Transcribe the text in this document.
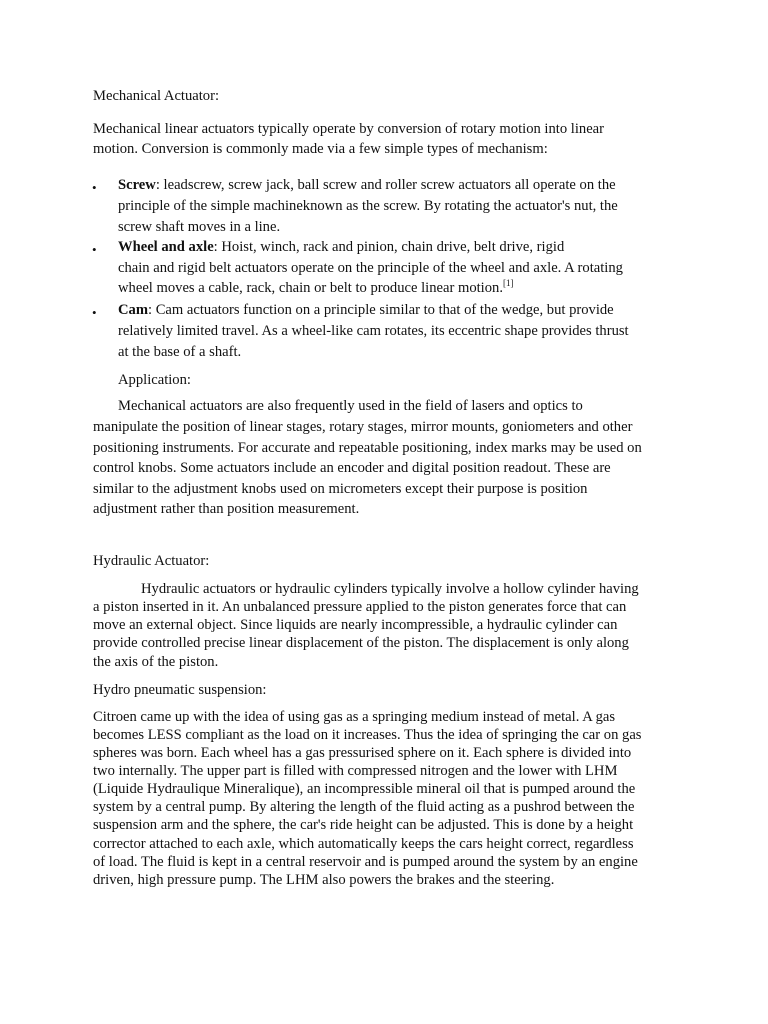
Mechanical Actuator:
Mechanical linear actuators typically operate by conversion of rotary motion into linear
motion. Conversion is commonly made via a few simple types of mechanism:
• Screw: leadscrew, screw jack, ball screw and roller screw actuators all operate on the
principle of the simple machineknown as the screw. By rotating the actuator's nut, the
screw shaft moves in a line.
• Wheel and axle: Hoist, winch, rack and pinion, chain drive, belt drive, rigid
chain and rigid belt actuators operate on the principle of the wheel and axle. A rotating
wheel moves a cable, rack, chain or belt to produce linear motion.[1]
• Cam: Cam actuators function on a principle similar to that of the wedge, but provide
relatively limited travel. As a wheel-like cam rotates, its eccentric shape provides thrust
at the base of a shaft.
Application:
Mechanical actuators are also frequently used in the field of lasers and optics to
manipulate the position of linear stages, rotary stages, mirror mounts, goniometers and other
positioning instruments. For accurate and repeatable positioning, index marks may be used on
control knobs. Some actuators include an encoder and digital position readout. These are
similar to the adjustment knobs used on micrometers except their purpose is position
adjustment rather than position measurement.
Hydraulic Actuator:
Hydraulic actuators or hydraulic cylinders typically involve a hollow cylinder having
a piston inserted in it. An unbalanced pressure applied to the piston generates force that can
move an external object. Since liquids are nearly incompressible, a hydraulic cylinder can
provide controlled precise linear displacement of the piston. The displacement is only along
the axis of the piston.
Hydro pneumatic suspension:
Citroen came up with the idea of using gas as a springing medium instead of metal. A gas
becomes LESS compliant as the load on it increases. Thus the idea of springing the car on gas
spheres was born. Each wheel has a gas pressurised sphere on it. Each sphere is divided into
two internally. The upper part is filled with compressed nitrogen and the lower with LHM
(Liquide Hydraulique Mineralique), an incompressible mineral oil that is pumped around the
system by a central pump. By altering the length of the fluid acting as a pushrod between the
suspension arm and the sphere, the car's ride height can be adjusted. This is done by a height
corrector attached to each axle, which automatically keeps the cars height correct, regardless
of load. The fluid is kept in a central reservoir and is pumped around the system by an engine
driven, high pressure pump. The LHM also powers the brakes and the steering.
